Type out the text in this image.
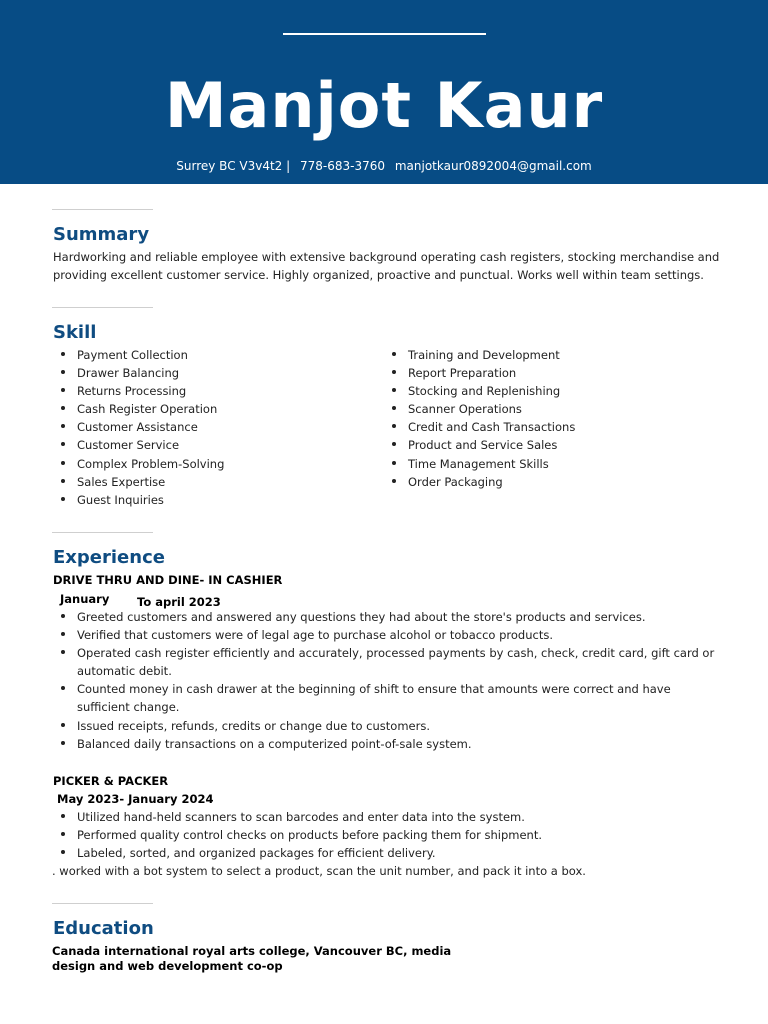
Manjot Kaur
Surrey BC V3v4t2 | 778-683-3760 manjotkaur0892004@gmail.com
Summary
Hardworking and reliable employee with extensive background operating cash registers, stocking merchandise and providing excellent customer service. Highly organized, proactive and punctual. Works well within team settings.
Skill
Payment Collection
Drawer Balancing
Returns Processing
Cash Register Operation
Customer Assistance
Customer Service
Complex Problem-Solving
Sales Expertise
Guest Inquiries
Training and Development
Report Preparation
Stocking and Replenishing
Scanner Operations
Credit and Cash Transactions
Product and Service Sales
Time Management Skills
Order Packaging
Experience
DRIVE THRU AND DINE- IN CASHIER
January To april 2023
Greeted customers and answered any questions they had about the store's products and services.
Verified that customers were of legal age to purchase alcohol or tobacco products.
Operated cash register efficiently and accurately, processed payments by cash, check, credit card, gift card or automatic debit.
Counted money in cash drawer at the beginning of shift to ensure that amounts were correct and have sufficient change.
Issued receipts, refunds, credits or change due to customers.
Balanced daily transactions on a computerized point-of-sale system.
PICKER & PACKER
May 2023- January 2024
Utilized hand-held scanners to scan barcodes and enter data into the system.
Performed quality control checks on products before packing them for shipment.
Labeled, sorted, and organized packages for efficient delivery.
. worked with a bot system to select a product, scan the unit number, and pack it into a box.
Education
Canada international royal arts college, Vancouver BC, media design and web development co-op
